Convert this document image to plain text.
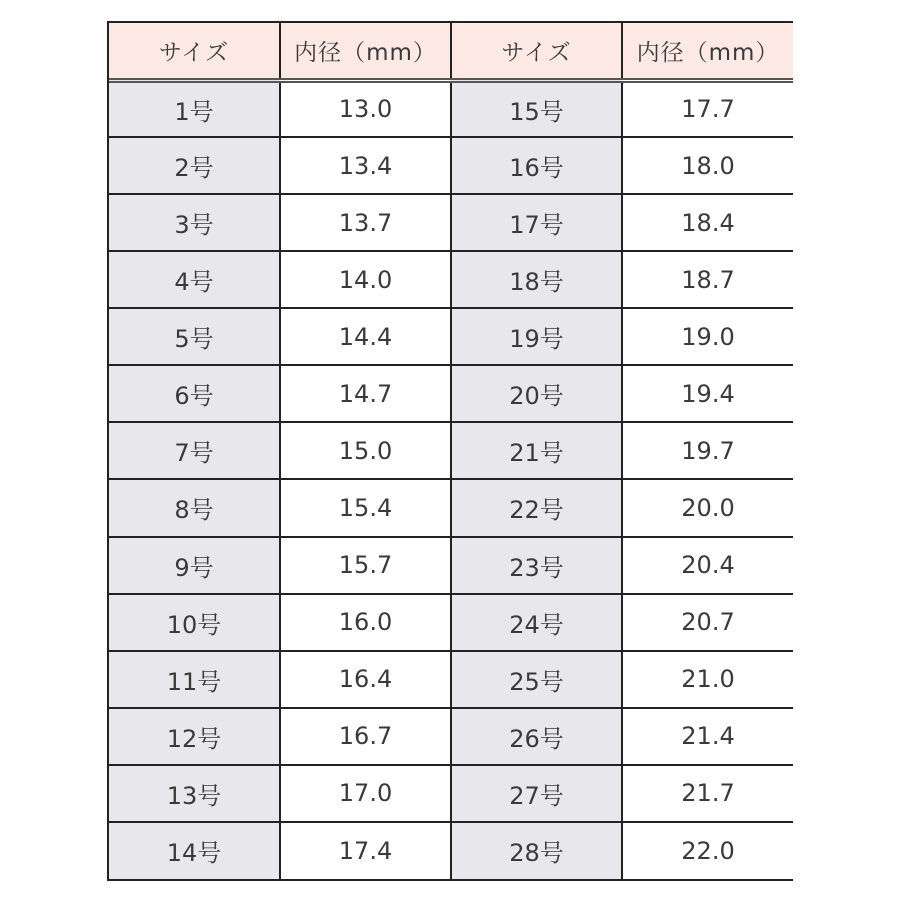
サイズ	内径（mm）	サイズ	内径（mm）
1号	13.0	15号	17.7
2号	13.4	16号	18.0
3号	13.7	17号	18.4
4号	14.0	18号	18.7
5号	14.4	19号	19.0
6号	14.7	20号	19.4
7号	15.0	21号	19.7
8号	15.4	22号	20.0
9号	15.7	23号	20.4
10号	16.0	24号	20.7
11号	16.4	25号	21.0
12号	16.7	26号	21.4
13号	17.0	27号	21.7
14号	17.4	28号	22.0
